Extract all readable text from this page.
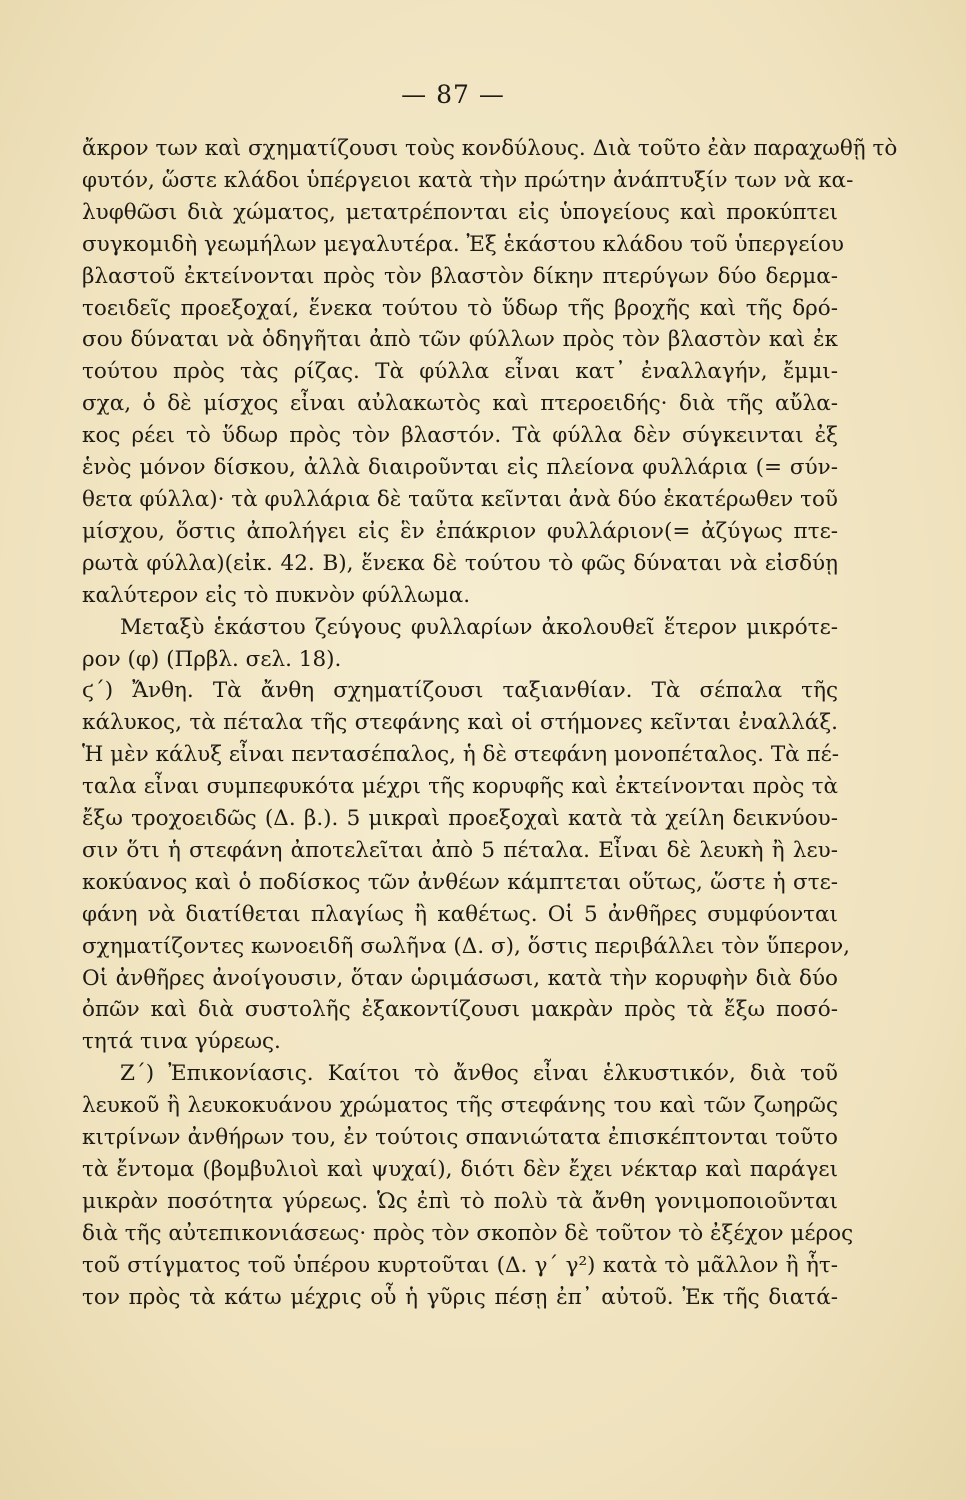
— 87 —
ἄκρον των καὶ σχηματίζουσι τοὺς κονδύλους. Διὰ τοῦτο ἐὰν παραχωθῇ τὸ
φυτόν, ὥστε κλάδοι ὑπέργειοι κατὰ τὴν πρώτην ἀνάπτυξίν των νὰ κα-
λυφθῶσι διὰ χώματος, μετατρέπονται εἰς ὑπογείους καὶ προκύπτει
συγκομιδὴ γεωμήλων μεγαλυτέρα. Ἐξ ἑκάστου κλάδου τοῦ ὑπεργείου
βλαστοῦ ἐκτείνονται πρὸς τὸν βλαστὸν δίκην πτερύγων δύο δερμα-
τοειδεῖς προεξοχαί, ἕνεκα τούτου τὸ ὕδωρ τῆς βροχῆς καὶ τῆς δρό-
σου δύναται νὰ ὁδηγῆται ἀπὸ τῶν φύλλων πρὸς τὸν βλαστὸν καὶ ἐκ
τούτου πρὸς τὰς ρίζας. Τὰ φύλλα εἶναι κατ᾽ ἐναλλαγήν, ἔμμι-
σχα, ὁ δὲ μίσχος εἶναι αὐλακωτὸς καὶ πτεροειδής· διὰ τῆς αὔλα-
κος ρέει τὸ ὕδωρ πρὸς τὸν βλαστόν. Τὰ φύλλα δὲν σύγκεινται ἐξ
ἑνὸς μόνον δίσκου, ἀλλὰ διαιροῦνται εἰς πλείονα φυλλάρια (= σύν-
θετα φύλλα)· τὰ φυλλάρια δὲ ταῦτα κεῖνται ἀνὰ δύο ἑκατέρωθεν τοῦ
μίσχου, ὅστις ἀπολήγει εἰς ἓν ἐπάκριον φυλλάριον(= ἀζύγως πτε-
ρωτὰ φύλλα)(εἰκ. 42. Β), ἕνεκα δὲ τούτου τὸ φῶς δύναται νὰ εἰσδύῃ
καλύτερον εἰς τὸ πυκνὸν φύλλωμα.
Μεταξὺ ἑκάστου ζεύγους φυλλαρίων ἀκολουθεῖ ἕτερον μικρότε-
ρον (φ) (Πρβλ. σελ. 18).
ϛ΄) Ἄνθη. Τὰ ἄνθη σχηματίζουσι ταξιανθίαν. Τὰ σέπαλα τῆς
κάλυκος, τὰ πέταλα τῆς στεφάνης καὶ οἱ στήμονες κεῖνται ἐναλλάξ.
Ἡ μὲν κάλυξ εἶναι πεντασέπαλος, ἡ δὲ στεφάνη μονοπέταλος. Τὰ πέ-
ταλα εἶναι συμπεφυκότα μέχρι τῆς κορυφῆς καὶ ἐκτείνονται πρὸς τὰ
ἔξω τροχοειδῶς (Δ. β.). 5 μικραὶ προεξοχαὶ κατὰ τὰ χείλη δεικνύου-
σιν ὅτι ἡ στεφάνη ἀποτελεῖται ἀπὸ 5 πέταλα. Εἶναι δὲ λευκὴ ἢ λευ-
κοκύανος καὶ ὁ ποδίσκος τῶν ἀνθέων κάμπτεται οὕτως, ὥστε ἡ στε-
φάνη νὰ διατίθεται πλαγίως ἢ καθέτως. Οἱ 5 ἀνθῆρες συμφύονται
σχηματίζοντες κωνοειδῆ σωλῆνα (Δ. σ), ὅστις περιβάλλει τὸν ὕπερον,
Οἱ ἀνθῆρες ἀνοίγουσιν, ὅταν ὡριμάσωσι, κατὰ τὴν κορυφὴν διὰ δύο
ὀπῶν καὶ διὰ συστολῆς ἐξακοντίζουσι μακρὰν πρὸς τὰ ἔξω ποσό-
τητά τινα γύρεως.
Ζ΄) Ἐπικονίασις. Καίτοι τὸ ἄνθος εἶναι ἑλκυστικόν, διὰ τοῦ
λευκοῦ ἢ λευκοκυάνου χρώματος τῆς στεφάνης του καὶ τῶν ζωηρῶς
κιτρίνων ἀνθήρων του, ἐν τούτοις σπανιώτατα ἐπισκέπτονται τοῦτο
τὰ ἔντομα (βομβυλιοὶ καὶ ψυχαί), διότι δὲν ἔχει νέκταρ καὶ παράγει
μικρὰν ποσότητα γύρεως. Ὡς ἐπὶ τὸ πολὺ τὰ ἄνθη γονιμοποιοῦνται
διὰ τῆς αὐτεπικονιάσεως· πρὸς τὸν σκοπὸν δὲ τοῦτον τὸ ἐξέχον μέρος
τοῦ στίγματος τοῦ ὑπέρου κυρτοῦται (Δ. γ΄ γ²) κατὰ τὸ μᾶλλον ἢ ἧτ-
τον πρὸς τὰ κάτω μέχρις οὗ ἡ γῦρις πέσῃ ἐπ᾽ αὐτοῦ. Ἐκ τῆς διατά-
